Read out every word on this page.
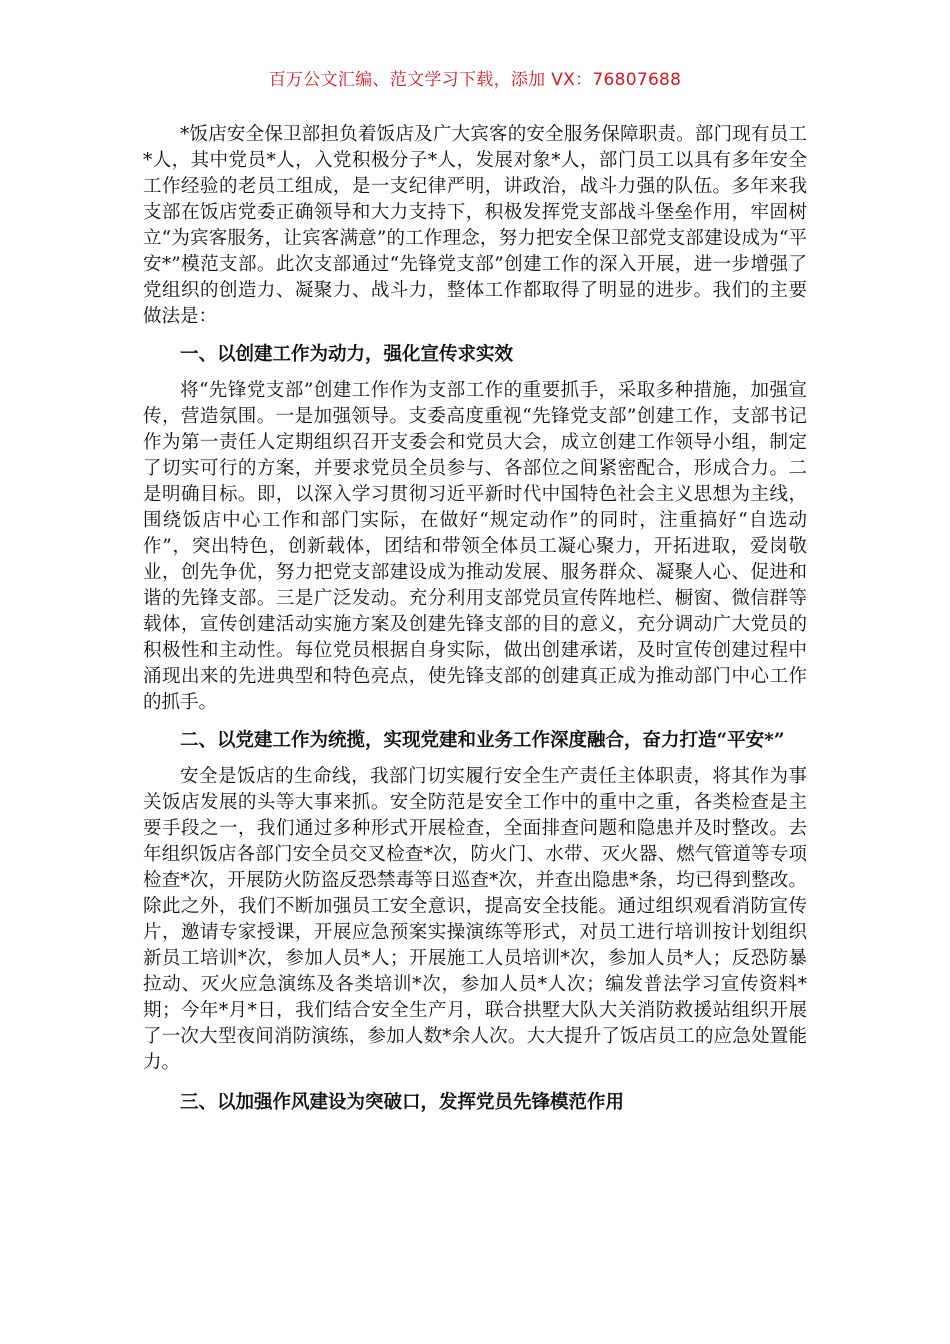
百万公文汇编、范文学习下载，添加 VX：76807688

*饭店安全保卫部担负着饭店及广大宾客的安全服务保障职责。部门现有员工*人，其中党员*人，入党积极分子*人，发展对象*人，部门员工以具有多年安全工作经验的老员工组成，是一支纪律严明，讲政治，战斗力强的队伍。多年来我支部在饭店党委正确领导和大力支持下，积极发挥党支部战斗堡垒作用，牢固树立“为宾客服务，让宾客满意”的工作理念，努力把安全保卫部党支部建设成为“平安*”模范支部。此次支部通过“先锋党支部”创建工作的深入开展，进一步增强了党组织的创造力、凝聚力、战斗力，整体工作都取得了明显的进步。我们的主要做法是：

一、以创建工作为动力，强化宣传求实效

将“先锋党支部”创建工作作为支部工作的重要抓手，采取多种措施，加强宣传，营造氛围。一是加强领导。支委高度重视“先锋党支部”创建工作，支部书记作为第一责任人定期组织召开支委会和党员大会，成立创建工作领导小组，制定了切实可行的方案，并要求党员全员参与、各部位之间紧密配合，形成合力。二是明确目标。即，以深入学习贯彻习近平新时代中国特色社会主义思想为主线，围绕饭店中心工作和部门实际，在做好“规定动作”的同时，注重搞好“自选动作”，突出特色，创新载体，团结和带领全体员工凝心聚力，开拓进取，爱岗敬业，创先争优，努力把党支部建设成为推动发展、服务群众、凝聚人心、促进和谐的先锋支部。三是广泛发动。充分利用支部党员宣传阵地栏、橱窗、微信群等载体，宣传创建活动实施方案及创建先锋支部的目的意义，充分调动广大党员的积极性和主动性。每位党员根据自身实际，做出创建承诺，及时宣传创建过程中涌现出来的先进典型和特色亮点，使先锋支部的创建真正成为推动部门中心工作的抓手。

二、以党建工作为统揽，实现党建和业务工作深度融合，奋力打造“平安*”

安全是饭店的生命线，我部门切实履行安全生产责任主体职责，将其作为事关饭店发展的头等大事来抓。安全防范是安全工作中的重中之重，各类检查是主要手段之一，我们通过多种形式开展检查，全面排查问题和隐患并及时整改。去年组织饭店各部门安全员交叉检查*次，防火门、水带、灭火器、燃气管道等专项检查*次，开展防火防盗反恐禁毒等日巡查*次，并查出隐患*条，均已得到整改。除此之外，我们不断加强员工安全意识，提高安全技能。通过组织观看消防宣传片，邀请专家授课，开展应急预案实操演练等形式，对员工进行培训按计划组织新员工培训*次，参加人员*人；开展施工人员培训*次，参加人员*人；反恐防暴拉动、灭火应急演练及各类培训*次，参加人员*人次；编发普法学习宣传资料*期；今年*月*日，我们结合安全生产月，联合拱墅大队大关消防救援站组织开展了一次大型夜间消防演练，参加人数*余人次。大大提升了饭店员工的应急处置能力。

三、以加强作风建设为突破口，发挥党员先锋模范作用
